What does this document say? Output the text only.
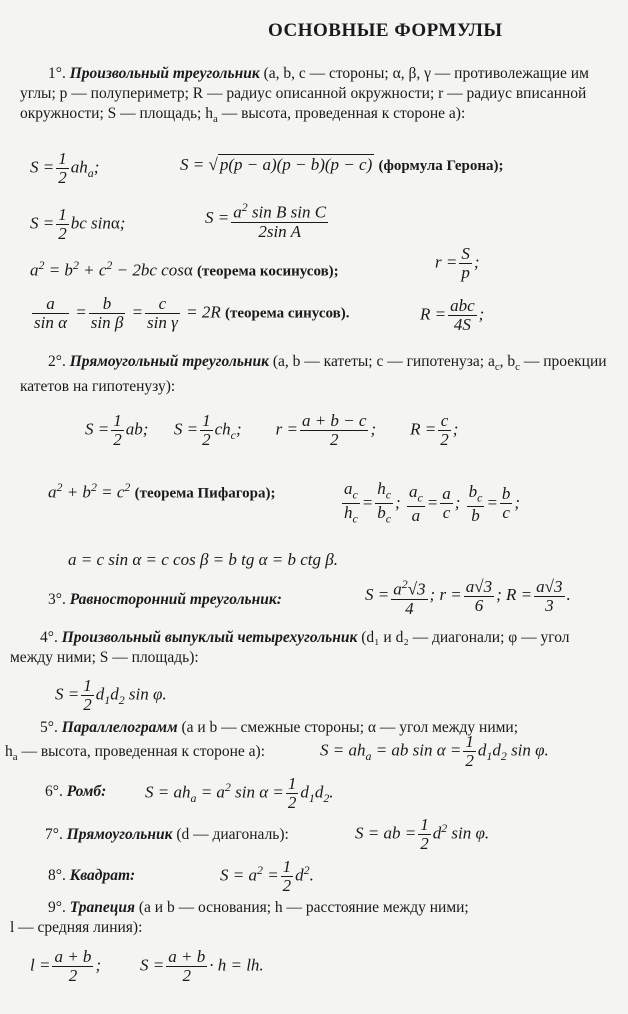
ОСНОВНЫЕ ФОРМУЛЫ
1°. Произвольный треугольник (a, b, c — стороны; α, β, γ — противолежащие им углы; p — полупериметр; R — радиус описанной окружности; r — радиус вписанной окружности; S — площадь; $h_a$ — высота, проведенная к стороне a):
$S = \frac{1}{2} ah_a$;	S = √ p(p − a)(p − b)(p − c) (формула Герона);
$S = \frac{1}{2}$ bc sinα;	$S = \frac{a^2 \sin B \sin C}{\text{2sin A}}$
$a^2 = b^2 + c^2 - 2bc$ cosα (теорема косинусов);
$r = \frac{S}{p}$ ;
$\frac{a}{\text{sin α}} = \frac{b}{\text{sin β}} = \frac{c}{\text{sin γ}} = 2R$ (теорема синусов).	$R = \frac{\text{abc}}{4S}$ ;
2°. Прямоугольный треугольник (a, b — катеты; c — гипотенуза; $a_c$, $b_c$ — проекции катетов на гипотенузу):
$S = \frac{1}{2}$ ab;      $S = \frac{1}{2} ch_c$;        $r = \frac{a + b - c}{2}$ ;        $R = \frac{c}{2}$ ;
$a^2 + b^2 = c^2$ (теорема Пифагора);	$\frac{a_c}{h_c} = \frac{h_c}{b_c}$ ; $\frac{a_c}{a} = \frac{a}{c}$ ; $\frac{b_c}{b} = \frac{b}{c}$ ;
a = c sin α = c cos β = b tg α = b ctg β.
3°. Равносторонний треугольник:	$S = \frac{a^2√3}{4}$ ; $r = \frac{a√3}{6}$ ; $R = \frac{a√3}{3}$ .
4°. Произвольный выпуклый четырехугольник (d₁ и d₂ — диагонали; φ — угол между ними; S — площадь):
$S = \frac{1}{2} d_1d_2$ sin φ.
5°. Параллелограмм (a и b — смежные стороны; α — угол между ними;
$h_a$ — высота, проведенная к стороне a):	$S = ah_a$ = ab $\sin \alpha = \frac{1}{2} d_1d_2$ sin φ.
6°. Ромб: $S = ah_a = a^2$ $\sin \alpha = \frac{1}{2} d_1d_2$.
7°. Прямоугольник (d — диагональ):	S = ab = $\frac{1}{2} d^2$ sin φ.
8°. Квадрат:	$S = a^2 = \frac{1}{2} d^2$.
9°. Трапеция (a и b — основания; h — расстояние между ними;
l — средняя линия):
$l = \frac{a + b}{2}$ ; $S = \frac{a + b}{2} \cdot h$ = lh.
